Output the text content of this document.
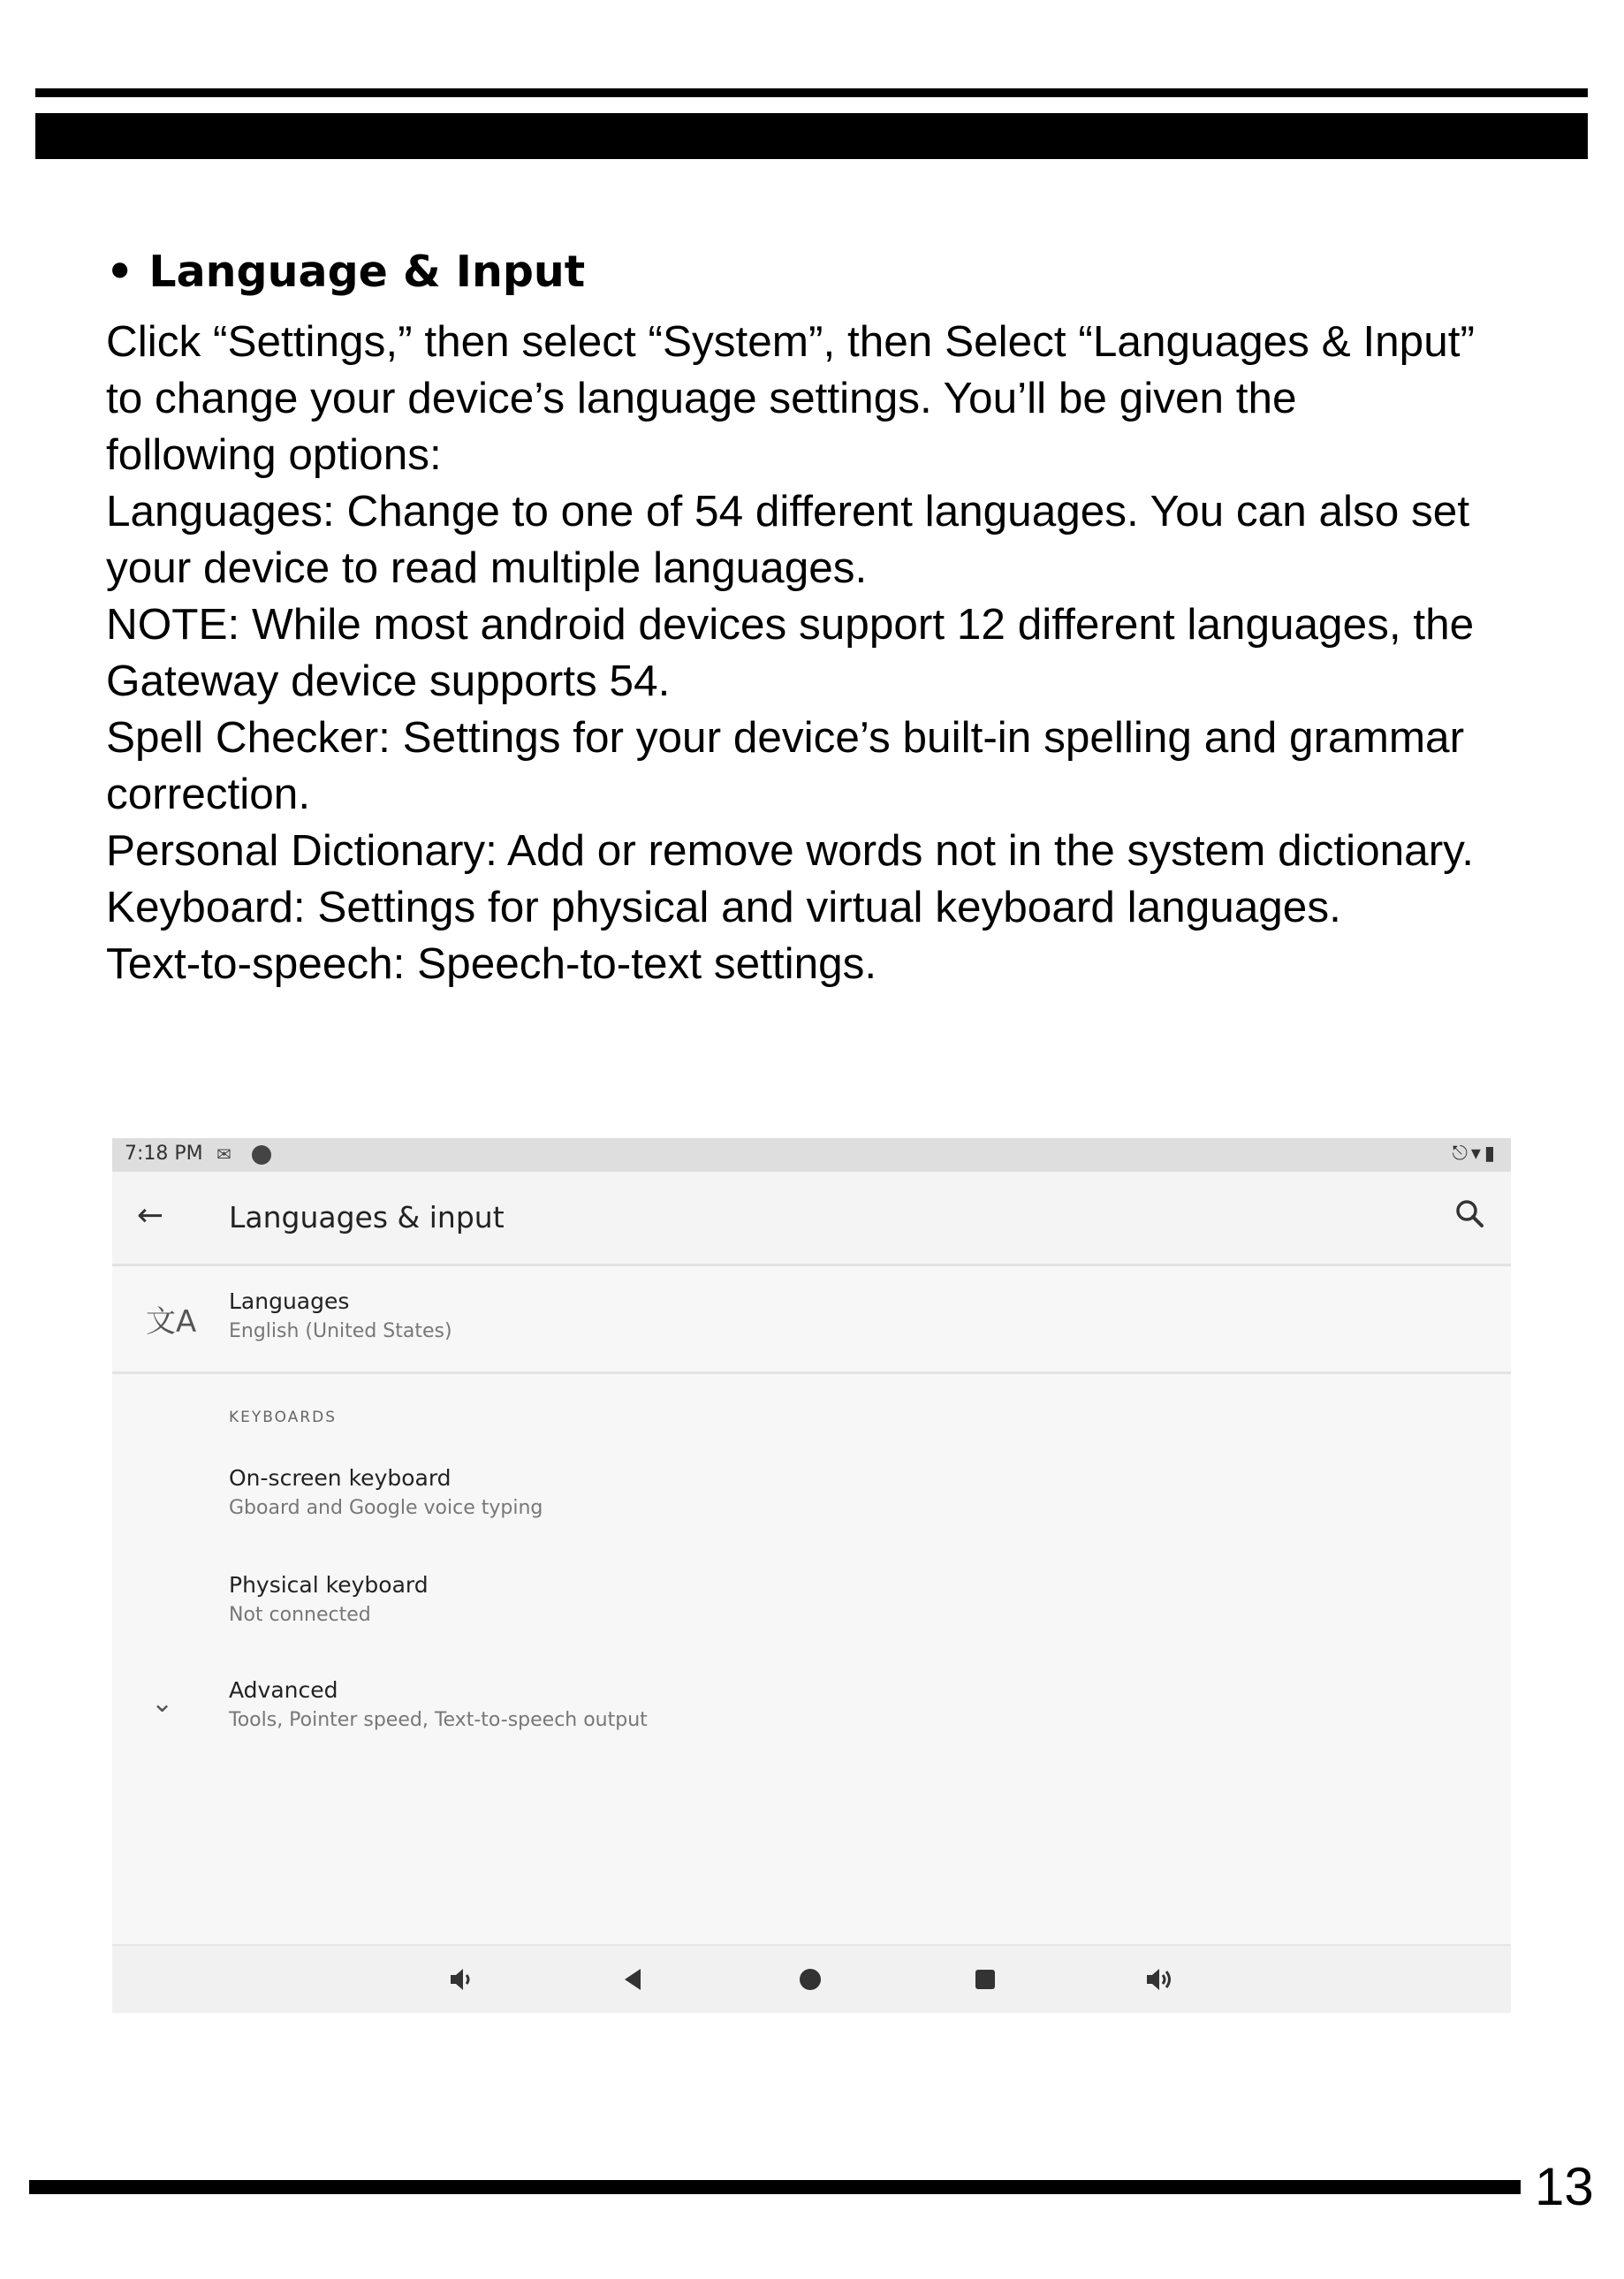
• Language & Input
Click “Settings,” then select “System”, then Select “Languages & Input”
to change your device’s language settings. You’ll be given the
following options:
Languages: Change to one of 54 different languages. You can also set
your device to read multiple languages.
NOTE: While most android devices support 12 different languages, the
Gateway device supports 54.
Spell Checker: Settings for your device’s built-in spelling and grammar
correction.
Personal Dictionary: Add or remove words not in the system dictionary.
Keyboard: Settings for physical and virtual keyboard languages.
Text-to-speech: Speech-to-text settings.
7:18 PM ✉	⎋▾▮
← Languages & input
文A
Languages
English (United States)
KEYBOARDS
On-screen keyboard
Gboard and Google voice typing
Physical keyboard
Not connected
⌄	Advanced
Tools, Pointer speed, Text-to-speech output
13
